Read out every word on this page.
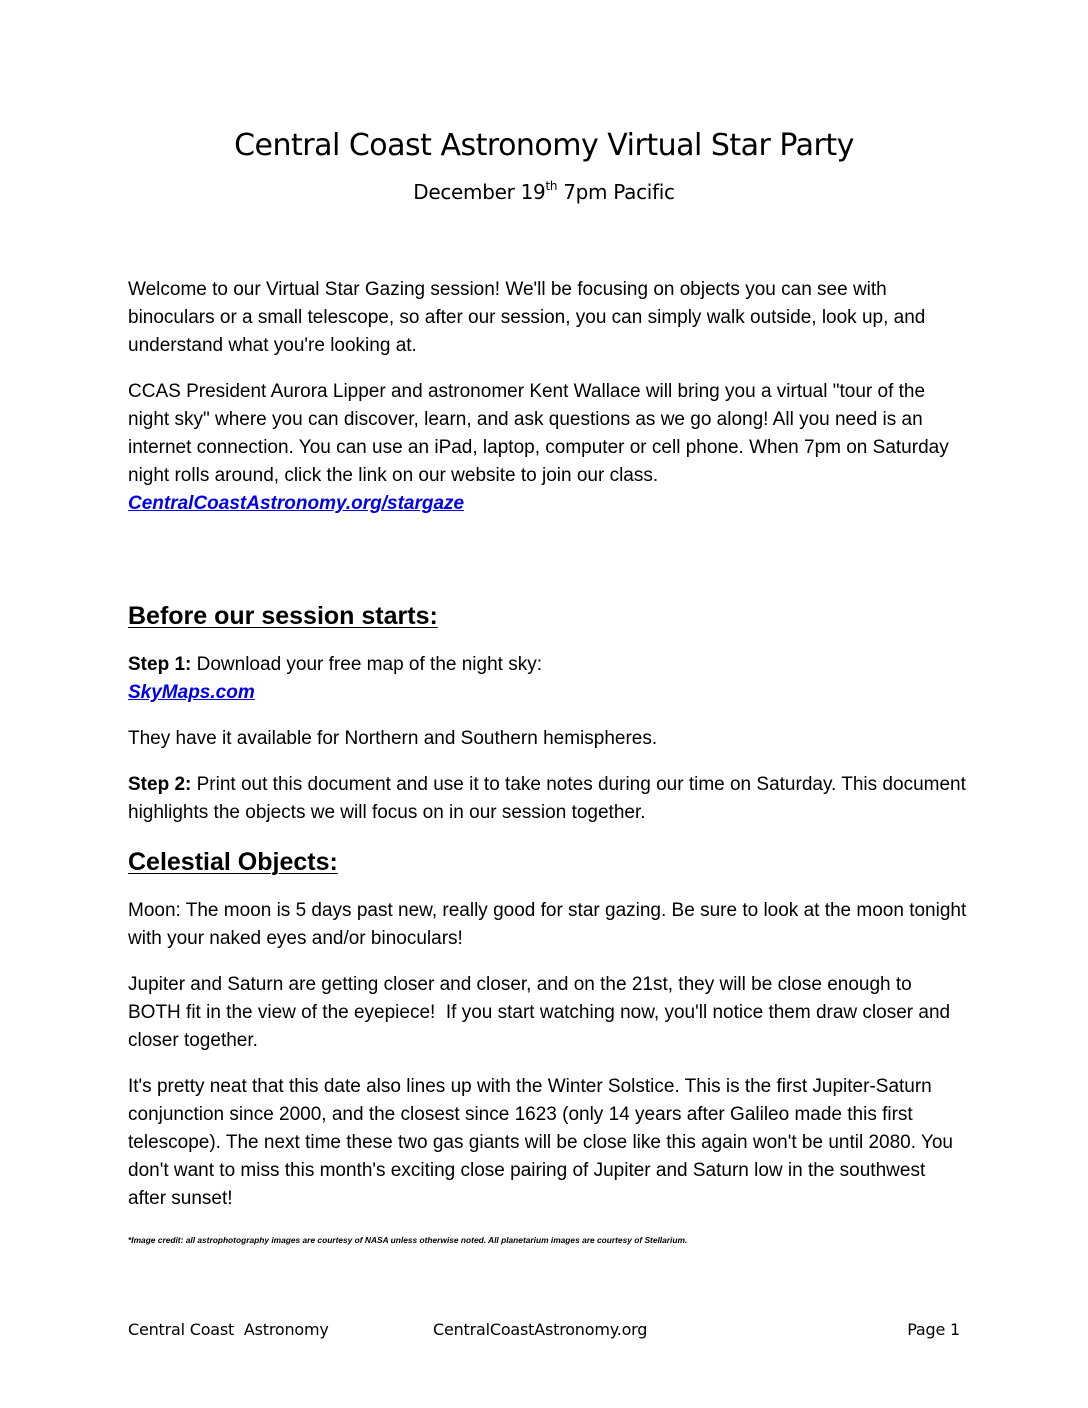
Central Coast Astronomy Virtual Star Party
December 19th 7pm Pacific

Welcome to our Virtual Star Gazing session! We'll be focusing on objects you can see with binoculars or a small telescope, so after our session, you can simply walk outside, look up, and understand what you're looking at.

CCAS President Aurora Lipper and astronomer Kent Wallace will bring you a virtual "tour of the night sky" where you can discover, learn, and ask questions as we go along! All you need is an internet connection. You can use an iPad, laptop, computer or cell phone. When 7pm on Saturday night rolls around, click the link on our website to join our class. CentralCoastAstronomy.org/stargaze

Before our session starts:

Step 1: Download your free map of the night sky:
SkyMaps.com

They have it available for Northern and Southern hemispheres.

Step 2: Print out this document and use it to take notes during our time on Saturday. This document highlights the objects we will focus on in our session together.

Celestial Objects:

Moon: The moon is 5 days past new, really good for star gazing. Be sure to look at the moon tonight with your naked eyes and/or binoculars!

Jupiter and Saturn are getting closer and closer, and on the 21st, they will be close enough to BOTH fit in the view of the eyepiece!  If you start watching now, you'll notice them draw closer and closer together.

It's pretty neat that this date also lines up with the Winter Solstice. This is the first Jupiter-Saturn conjunction since 2000, and the closest since 1623 (only 14 years after Galileo made this first telescope). The next time these two gas giants will be close like this again won't be until 2080. You don't want to miss this month's exciting close pairing of Jupiter and Saturn low in the southwest after sunset!

*Image credit: all astrophotography images are courtesy of NASA unless otherwise noted. All planetarium images are courtesy of Stellarium.
Central Coast  Astronomy	CentralCoastAstronomy.org	Page 1
